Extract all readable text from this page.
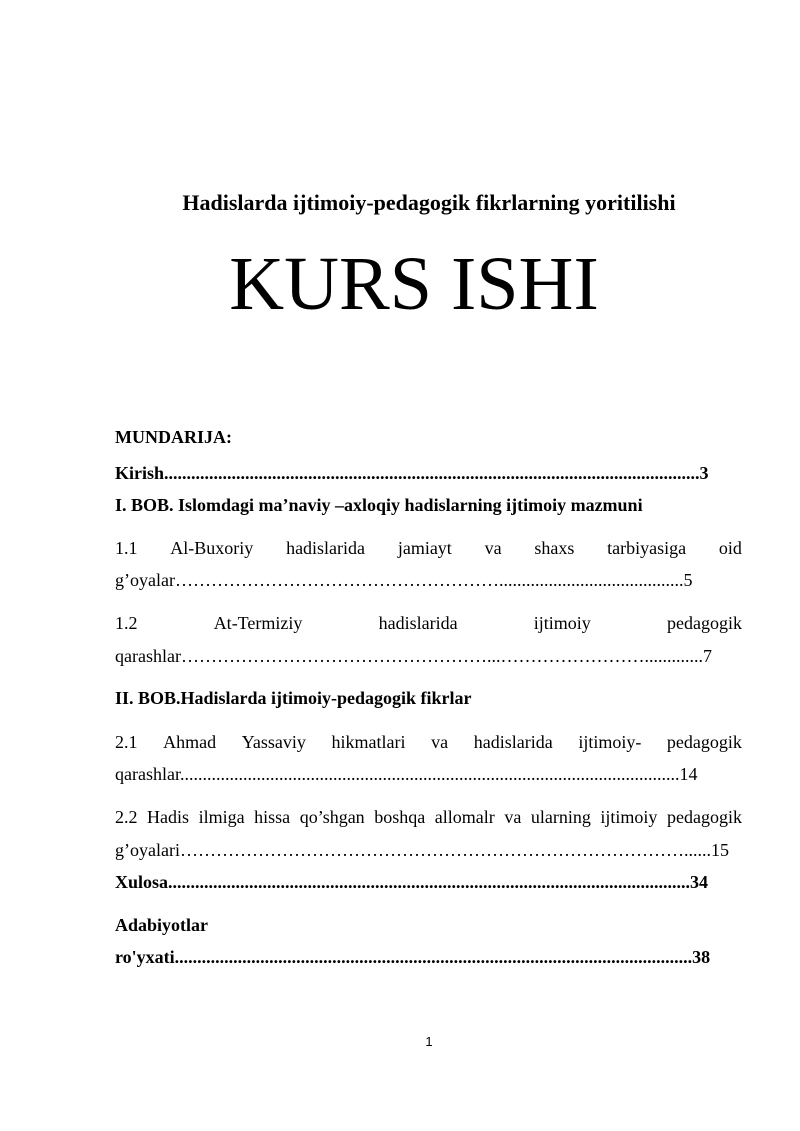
Hadislarda ijtimoiy-pedagogik fikrlarning yoritilishi
KURS ISHI
MUNDARIJA:
Kirish.......................................................................................................................3
I. BOB. Islomdagi ma’naviy –axloqiy hadislarning ijtimoiy mazmuni
1.1 Al-Buxoriy hadislarida jamiayt va shaxs tarbiyasiga oid
g’oyalar……………………………………………….........................................5
1.2	At-Termiziy	hadislarida	ijtimoiy	pedagogik
qarashlar……………………………………………...…………………….............7
II. BOB.Hadislarda ijtimoiy-pedagogik fikrlar
2.1 Ahmad Yassaviy hikmatlari va hadislarida ijtimoiy- pedagogik
qarashlar...............................................................................................................14
2.2 Hadis ilmiga hissa qo’shgan boshqa allomalr va ularning ijtimoiy pedagogik
g’oyalari…………………………………………………………………………......15
Xulosa....................................................................................................................34
Adabiyotlar
ro'yxati...................................................................................................................38
1
